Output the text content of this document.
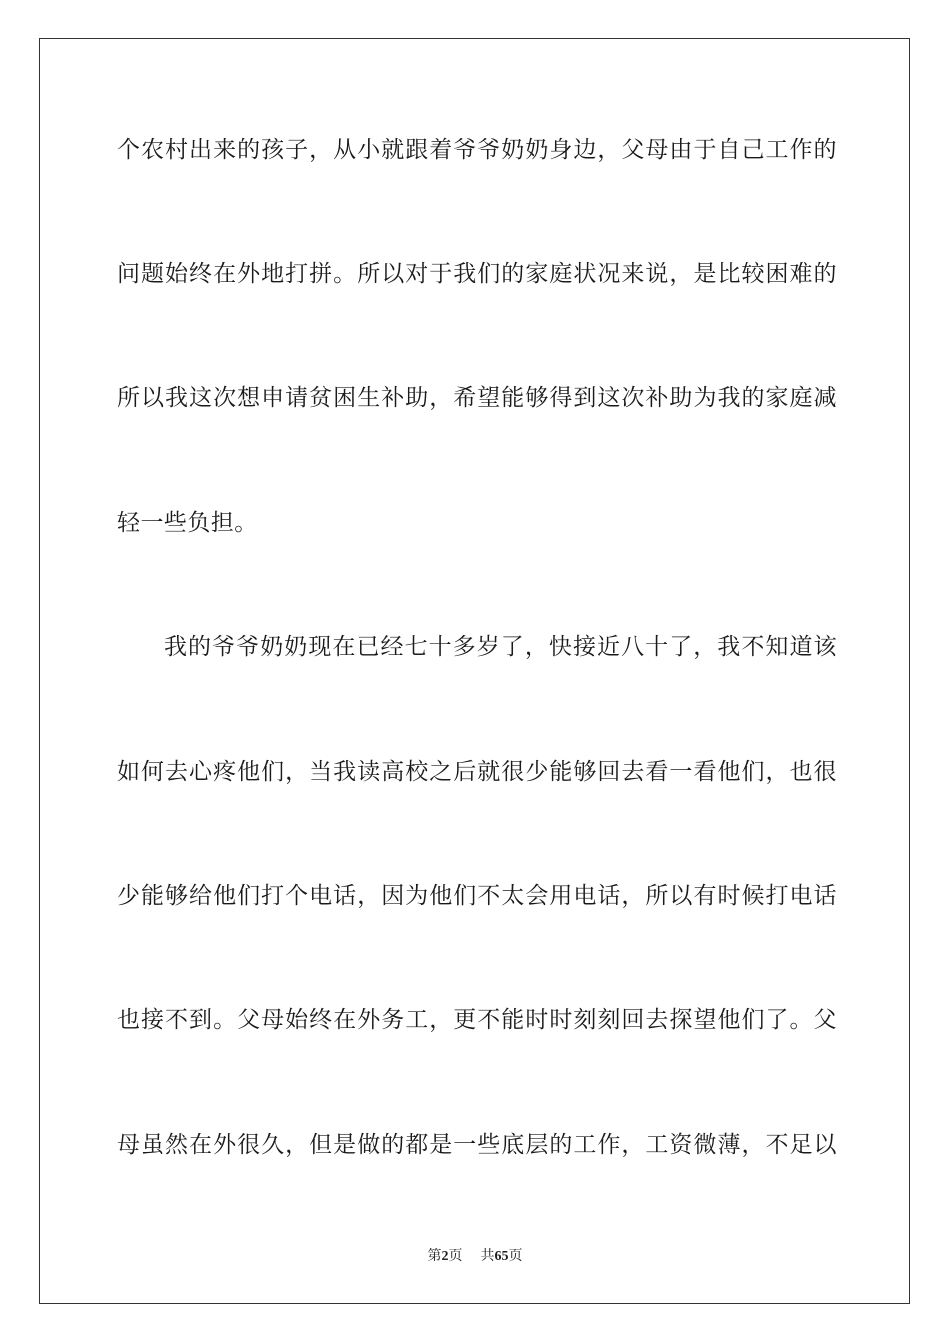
个农村出来的孩子，从小就跟着爷爷奶奶身边，父母由于自己工作的
问题始终在外地打拼。所以对于我们的家庭状况来说，是比较困难的
所以我这次想申请贫困生补助，希望能够得到这次补助为我的家庭减
轻一些负担。
我的爷爷奶奶现在已经七十多岁了，快接近八十了，我不知道该
如何去心疼他们，当我读高校之后就很少能够回去看一看他们，也很
少能够给他们打个电话，因为他们不太会用电话，所以有时候打电话
也接不到。父母始终在外务工，更不能时时刻刻回去探望他们了。父
母虽然在外很久，但是做的都是一些底层的工作，工资微薄，不足以
第2页 共65页
